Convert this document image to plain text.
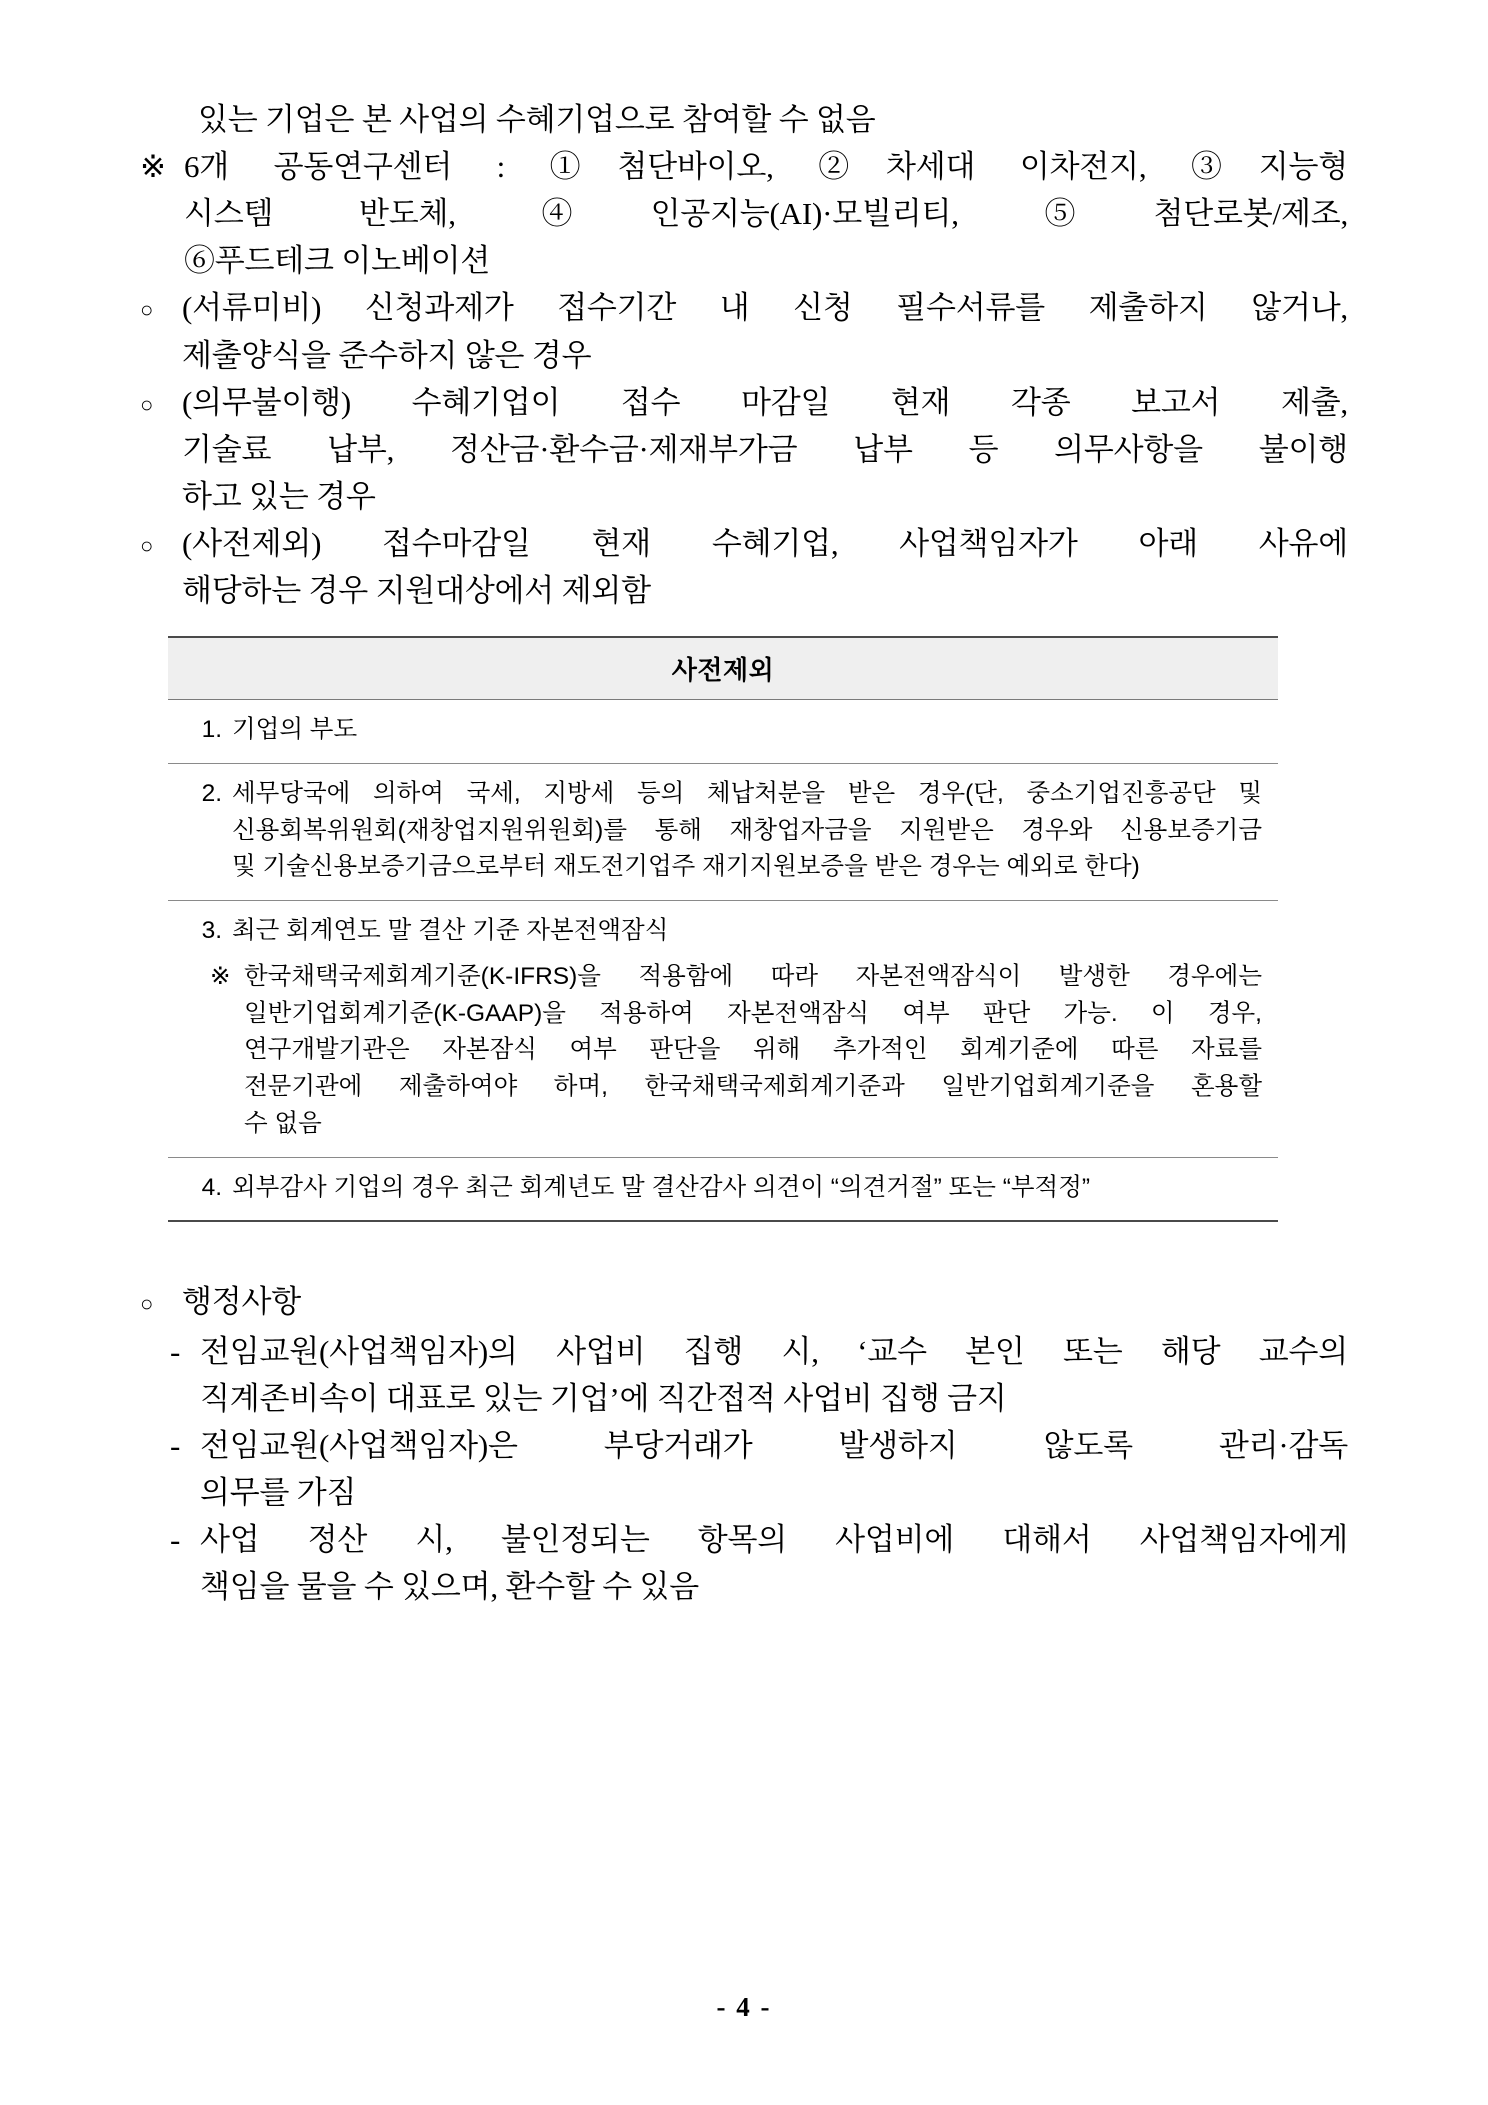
있는 기업은 본 사업의 수혜기업으로 참여할 수 없음
※ 6개 공동연구센터 : ①첨단바이오, ②차세대 이차전지, ③지능형
시스템 반도체, ④인공지능(AI)·모빌리티, ⑤첨단로봇/제조,
⑥푸드테크 이노베이션
○ (서류미비) 신청과제가 접수기간 내 신청 필수서류를 제출하지 않거나,
제출양식을 준수하지 않은 경우
○ (의무불이행) 수혜기업이 접수 마감일 현재 각종 보고서 제출,
기술료 납부, 정산금·환수금·제재부가금 납부 등 의무사항을 불이행
하고 있는 경우
○ (사전제외) 접수마감일 현재 수혜기업, 사업책임자가 아래 사유에
해당하는 경우 지원대상에서 제외함
사전제외

1. 기업의 부도

2. 세무당국에 의하여 국세, 지방세 등의 체납처분을 받은 경우(단, 중소기업진흥공단 및
신용회복위원회(재창업지원위원회)를 통해 재창업자금을 지원받은 경우와 신용보증기금
및 기술신용보증기금으로부터 재도전기업주 재기지원보증을 받은 경우는 예외로 한다)

3. 최근 회계연도 말 결산 기준 자본전액잠식
※ 한국채택국제회계기준(K-IFRS)을 적용함에 따라 자본전액잠식이 발생한 경우에는
일반기업회계기준(K-GAAP)을 적용하여 자본전액잠식 여부 판단 가능. 이 경우,
연구개발기관은 자본잠식 여부 판단을 위해 추가적인 회계기준에 따른 자료를
전문기관에 제출하여야 하며, 한국채택국제회계기준과 일반기업회계기준을 혼용할
수 없음

4. 외부감사 기업의 경우 최근 회계년도 말 결산감사 의견이 “의견거절” 또는 “부적정”
○ 행정사항
- 전임교원(사업책임자)의 사업비 집행 시, ‘교수 본인 또는 해당 교수의
직계존비속이 대표로 있는 기업’에 직간접적 사업비 집행 금지
- 전임교원(사업책임자)은 부당거래가 발생하지 않도록 관리·감독
의무를 가짐
- 사업 정산 시, 불인정되는 항목의 사업비에 대해서 사업책임자에게
책임을 물을 수 있으며, 환수할 수 있음
- 4 -
